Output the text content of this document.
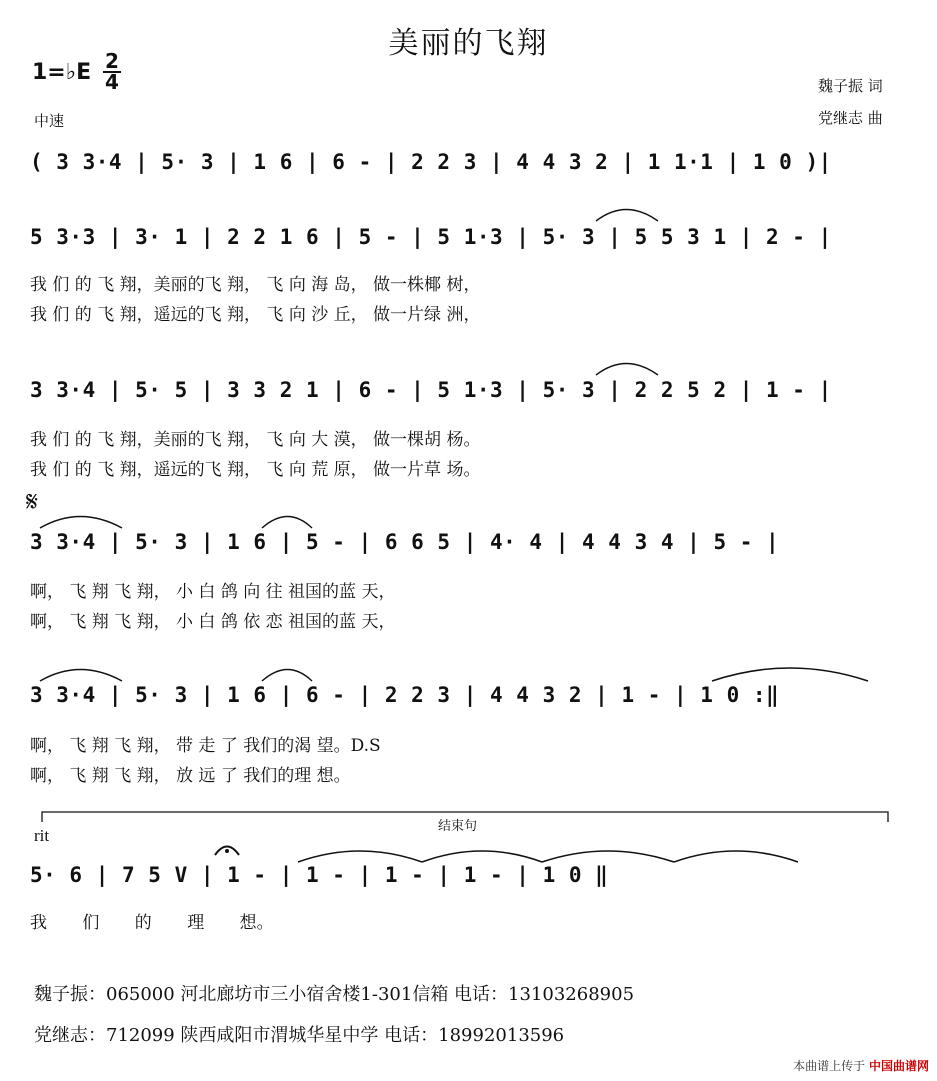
美丽的飞翔
1=♭E 2
4
中速
魏子振 词
党继志 曲
( 3 3·4 | 5· 3 | 1 6 | 6 - | 2 2 3 | 4 4 3 2 | 1 1·1 | 1 0 )|
5 3·3 | 3· 1 | 2 2 1 6 | 5 - | 5 1·3 | 5· 3 | 5 5 3 1 | 2 - |
我 们 的 飞 翔，美丽的飞 翔， 飞 向 海 岛， 做一株椰 树，
我 们 的 飞 翔，遥远的飞 翔， 飞 向 沙 丘， 做一片绿 洲，
3 3·4 | 5· 5 | 3 3 2 1 | 6 - | 5 1·3 | 5· 3 | 2 2 5 2 | 1 - |
我 们 的 飞 翔，美丽的飞 翔， 飞 向 大 漠， 做一棵胡 杨。
我 们 的 飞 翔，遥远的飞 翔， 飞 向 荒 原， 做一片草 场。
𝄋
3 3·4 | 5· 3 | 1 6 | 5 - | 6 6 5 | 4· 4 | 4 4 3 4 | 5 - |
啊， 飞 翔 飞 翔， 小 白 鸽 向 往 祖国的蓝 天，
啊， 飞 翔 飞 翔， 小 白 鸽 依 恋 祖国的蓝 天，
3 3·4 | 5· 3 | 1 6 | 6 - | 2 2 3 | 4 4 3 2 | 1 - | 1 0 :‖
啊， 飞 翔 飞 翔， 带 走 了 我们的渴 望。D.S
啊， 飞 翔 飞 翔， 放 远 了 我们的理 想。
结束句
rit
5· 6 | 7 5 V | 1 - | 1 - | 1 - | 1 - | 1 0 ‖
我 们 的 理 想。
魏子振：065000 河北廊坊市三小宿舍楼1-301信箱 电话：13103268905
党继志：712099 陕西咸阳市渭城华星中学 电话：18992013596
本曲谱上传于 中国曲谱网
